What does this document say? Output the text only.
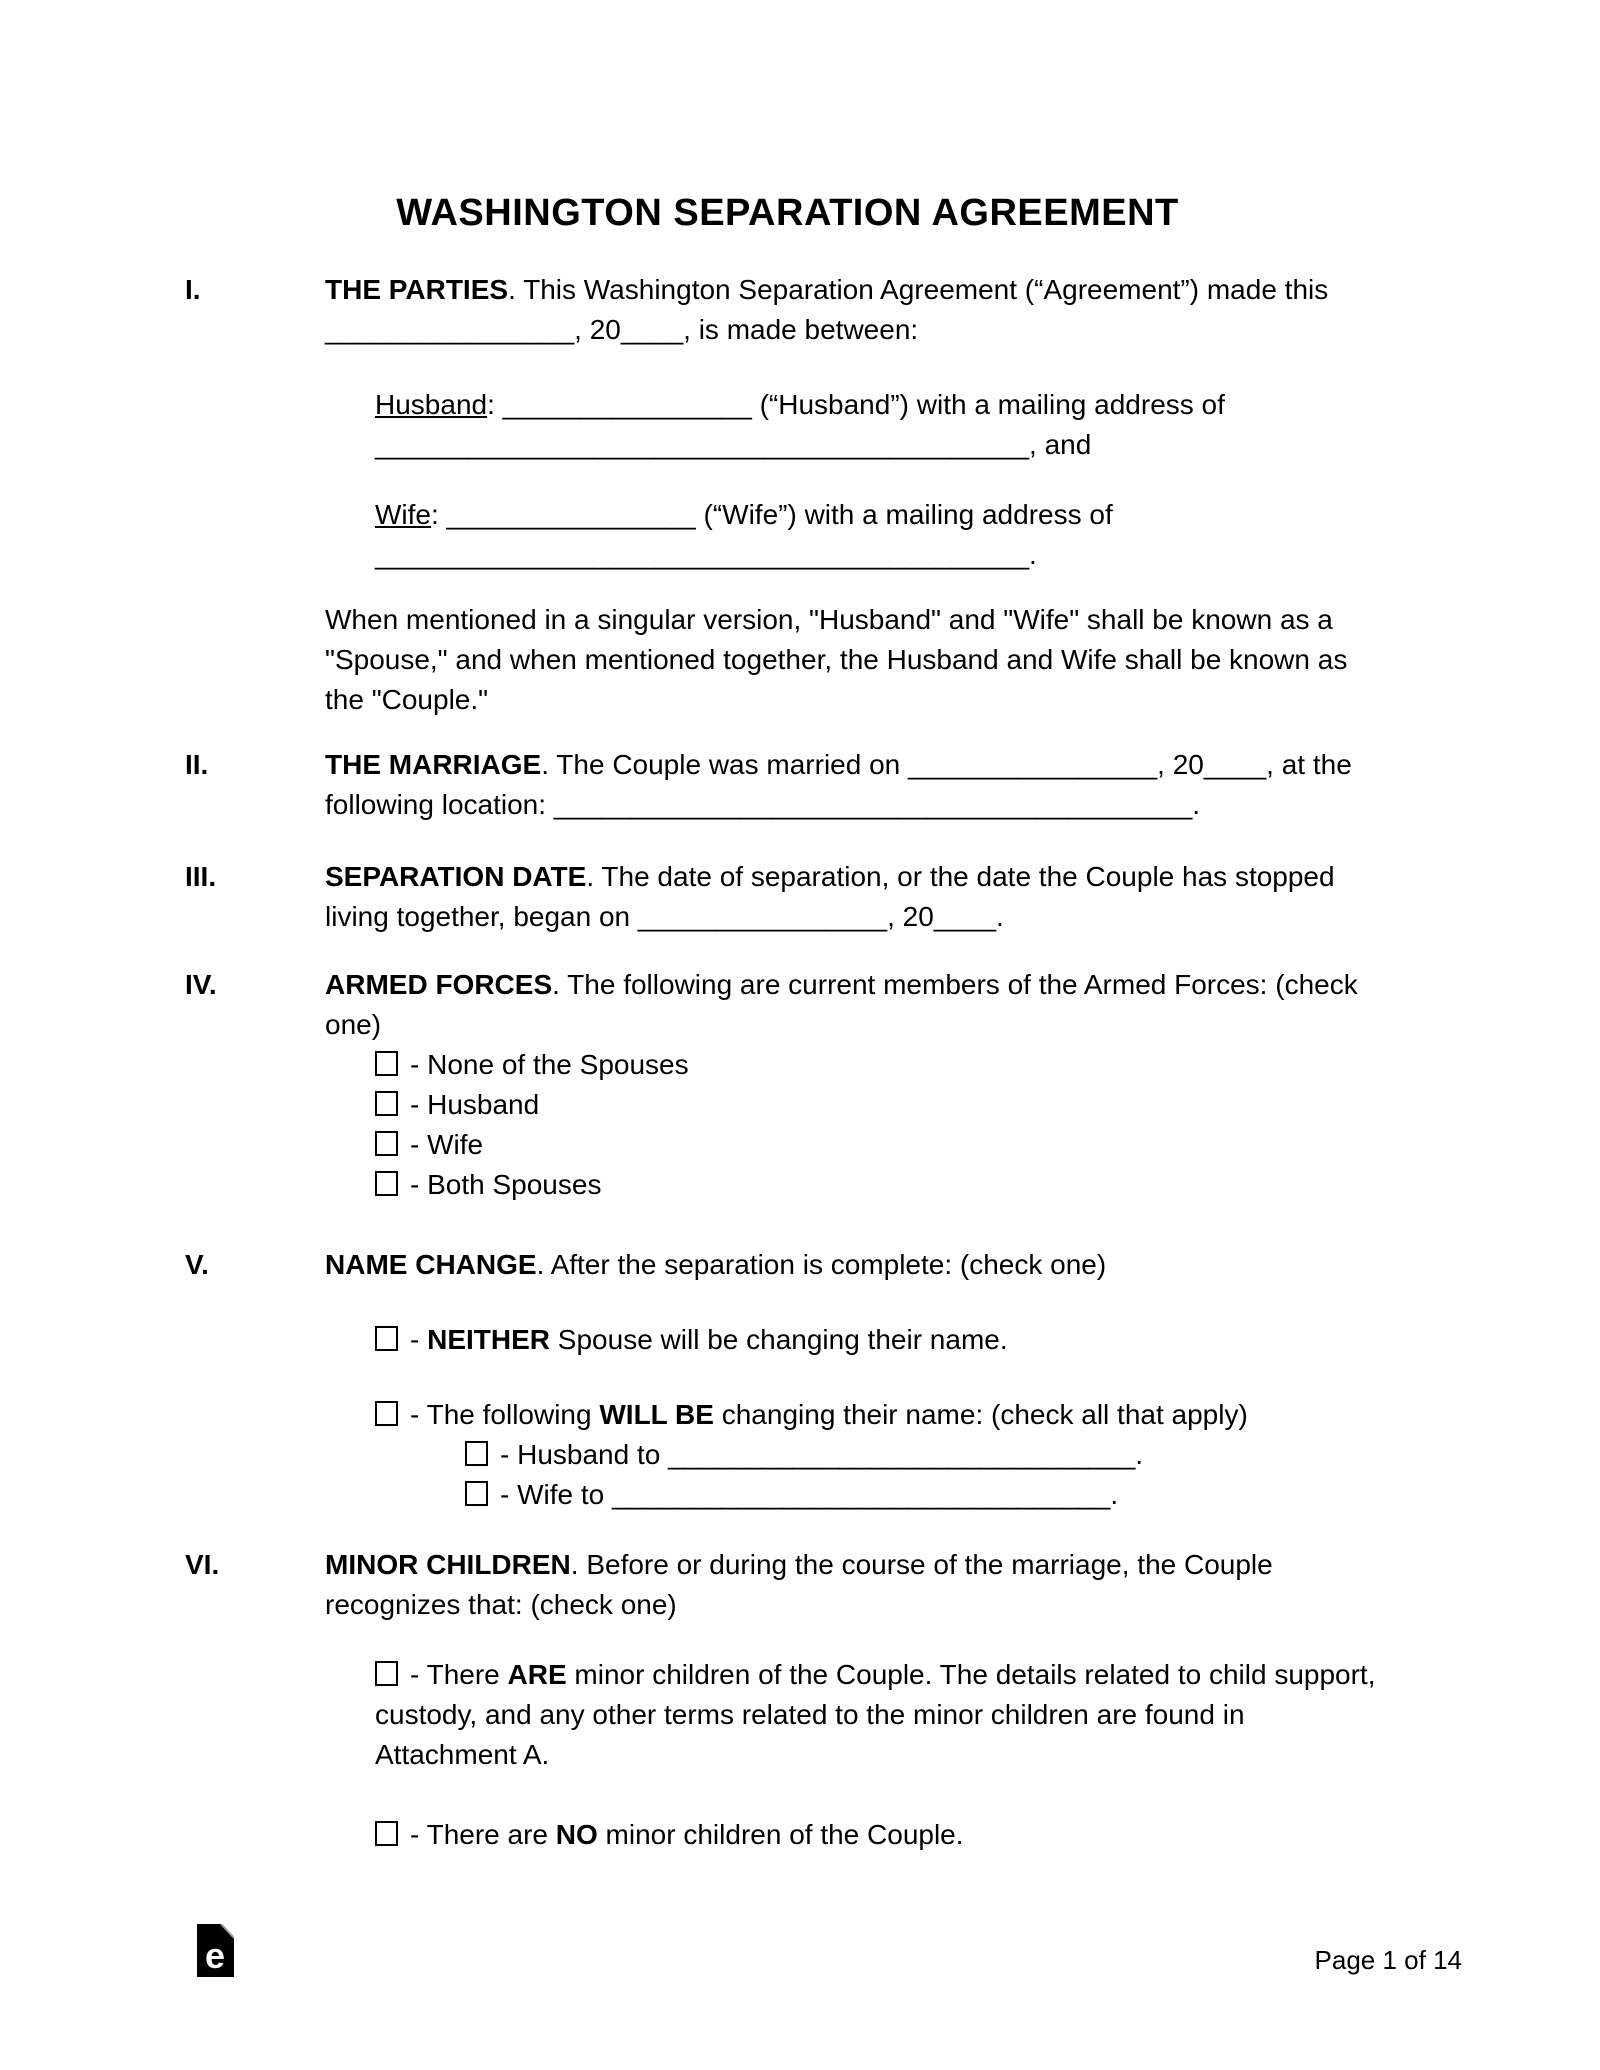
WASHINGTON SEPARATION AGREEMENT
I.	THE PARTIES. This Washington Separation Agreement (“Agreement”) made this ________________, 20____, is made between:

Husband: ________________ (“Husband”) with a mailing address of
__________________________________________, and
Wife: ________________ (“Wife”) with a mailing address of
__________________________________________.

When mentioned in a singular version, "Husband" and "Wife" shall be known as a "Spouse," and when mentioned together, the Husband and Wife shall be known as the "Couple."

II.	THE MARRIAGE. The Couple was married on ________________, 20____, at the following location: _________________________________________.

III.	SEPARATION DATE. The date of separation, or the date the Couple has stopped living together, began on ________________, 20____.

IV.	ARMED FORCES. The following are current members of the Armed Forces: (check one)

- None of the Spouses
- Husband
- Wife
- Both Spouses
V.	NAME CHANGE. After the separation is complete: (check one)

- NEITHER Spouse will be changing their name.
- The following WILL BE changing their name: (check all that apply)
- Husband to ______________________________.
- Wife to ________________________________.
VI.	MINOR CHILDREN. Before or during the course of the marriage, the Couple recognizes that: (check one)

- There ARE minor children of the Couple. The details related to child support, custody, and any other terms related to the minor children are found in Attachment A.
- There are NO minor children of the Couple.
e	Page 1 of 14
